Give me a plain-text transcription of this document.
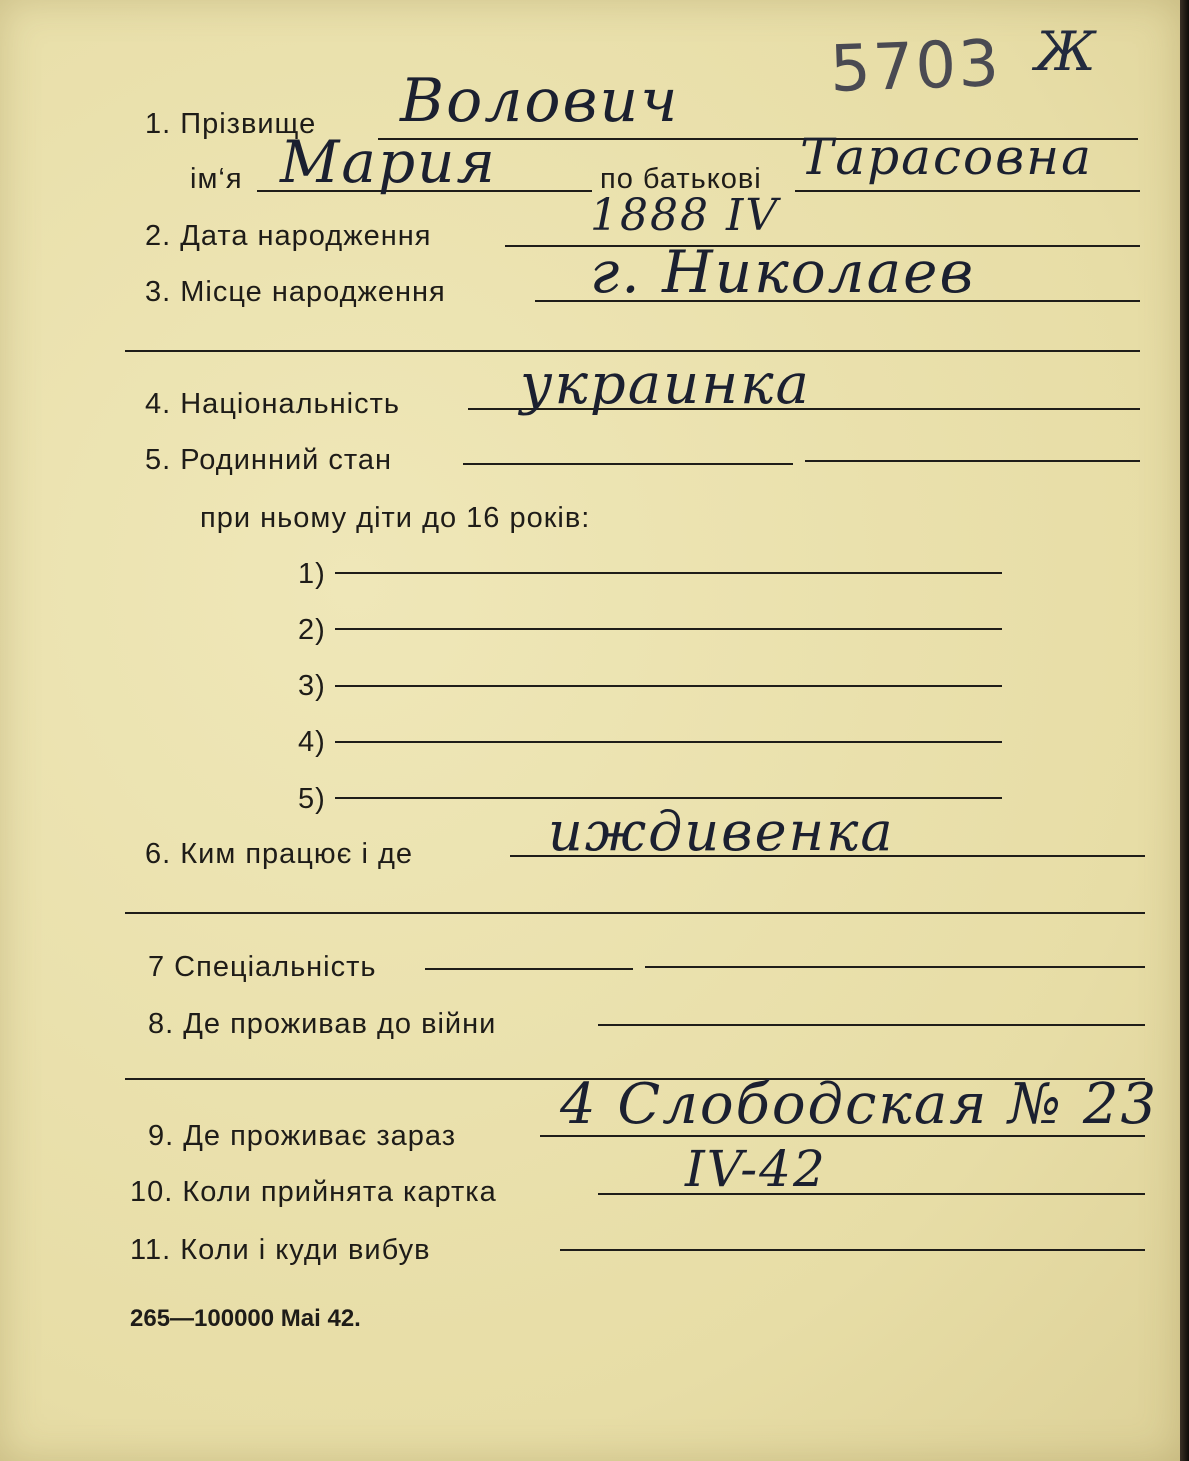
5703 Ж
1. Прізвище Волович
ім‘я Мария	по батькові Тарасовна
2. Дата народження	1888 IV
3. Місце народження г. Николаев
4. Національність украинка
5. Родинний стан
при ньому діти до 16 років:
1)
2)
3)
4)
5)
6. Ким працює і де иждивенка
7 Спеціальність
8. Де проживав до війни
9. Де проживає зараз 4 Слободская № 23
10. Коли прийнята картка	IV-42
11. Коли і куди вибув
265—100000 Mai 42.
